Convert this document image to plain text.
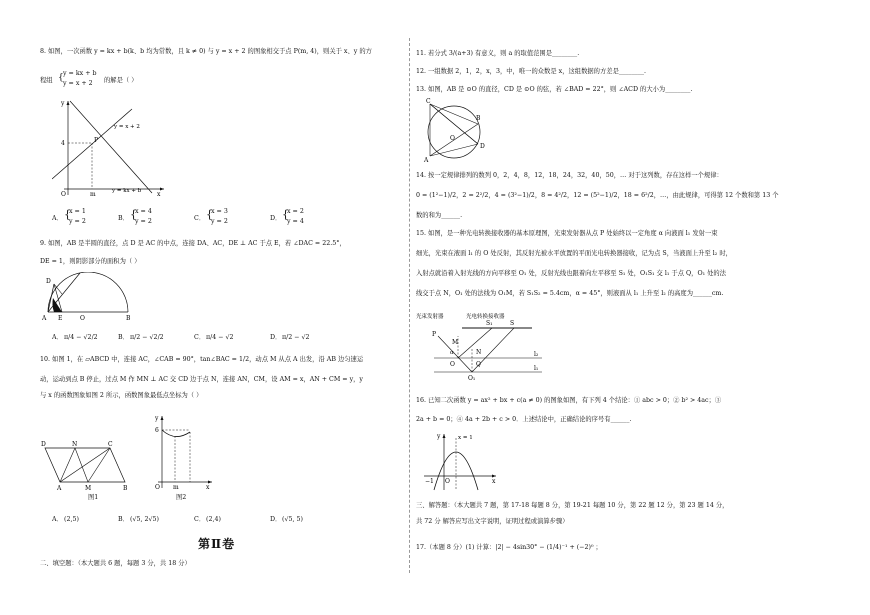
8. 如图，一次函数 y = kx + b(k、b 均为常数，且 k ≠ 0) 与 y = x + 2 的图象相交于点 P(m, 4)，则关于 x、y 的方
程组 { y = kx + b
y = x + 2 的解是（ ）
y
x
O
P
4
m
y = x + 2
y = kx + b
A． {
x = 1
y = 2	B． {
x = 4
y = 2	C． {
x = 3
y = 2	D． {
x = 2
y = 4
9. 如图，AB 是半圆的直径，点 D 是 AC 的中点，连接 DA、AC，DE ⊥ AC 于点 E，若 ∠DAC = 22.5°，
DE = 1，则阴影部分的面积为（ ）
D
A E	O	B
A． π/4 − √2/2	B． π/2 − √2/2	C． π/4 − √2	D． π/2 − √2
10. 如图 1，在 ▱ABCD 中，连接 AC，∠CAB = 90°，tan∠BAC = 1/2，动点 M 从点 A 出发，沿 AB 边匀速运
动，运动到点 B 停止，过点 M 作 MN ⊥ AC 交 CD 边于点 N，连接 AN，CM，设 AM = x，AN + CM = y，y
与 x 的函数图象如图 2 所示，函数图象最低点坐标为（ ）
D	N	C
A	M	B
图1
y
6
O m	x
图2
A． (2,5)	B． (√5, 2√5)	C． (2,4)	D． (√5, 5)
第Ⅱ卷
二、填空题：（本大题共 6 题，每题 3 分，共 18 分）
11. 若分式 3/(a+3) 有意义，则 a 的取值范围是________.
12. 一组数据 2，1，2，x，3，中，唯一的众数是 x，这组数据的方差是________.
13. 如图，AB 是 ⊙O 的直径，CD 是 ⊙O 的弦，若 ∠BAD = 22°，则 ∠ACD 的大小为________.
C
B
O
A
D
14. 按一定规律排列的数列 0，2，4，8，12，18，24，32，40，50，… 对于这列数，存在这样一个规律：
0 = (1²−1)/2，2 = 2²/2，4 = (3²−1)/2，8 = 4²/2，12 = (5²−1)/2，18 = 6²/2，…，由此规律，可得第 12 个数和第 13 个
数的和为______.
15. 如图，是一种光电转换接收器的基本原理图，光束发射器从点 P 处始终以一定角度 α 向液面 l₁ 发射一束
细光，光束在液面 l₁ 的 O 处反射，其反射光被水平放置的平面光电转换器接收，记为点 S，当液面上升至 l₂ 时，
入射点就沿着入射光线的方向平移至 O₁ 处，反射光线也跟着向左平移至 S₁ 处，O₁S₁ 交 l₁ 于点 Q，O₁ 处的法
线交于点 N，O₁ 处的法线为 O₁M，若 S₁S₂ = 5.4cm，α = 45°，则液面从 l₁ 上升至 l₂ 的高度为______cm.
光束发射器	光电转换接收器
P
S
S₁
M
N
α
O	Q
O₁
l₂
l₁
16. 已知二次函数 y = ax² + bx + c(a ≠ 0) 的图象如图，有下列 4 个结论：① abc > 0；② b² > 4ac；③
2a + b = 0；④ 4a + 2b + c > 0．上述结论中，正确结论的序号有______.
y	x = 1
O
−1	x
三、解答题：（本大题共 7 题，第 17-18 每题 8 分，第 19-21 每题 10 分，第 22 题 12 分，第 23 题 14 分，
共 72 分 解答应写出文字说明，证明过程或演算步骤）
17.（本题 8 分）(1) 计算：|2| − 4sin30° − (1/4)⁻¹ + (−2)⁰ ；
